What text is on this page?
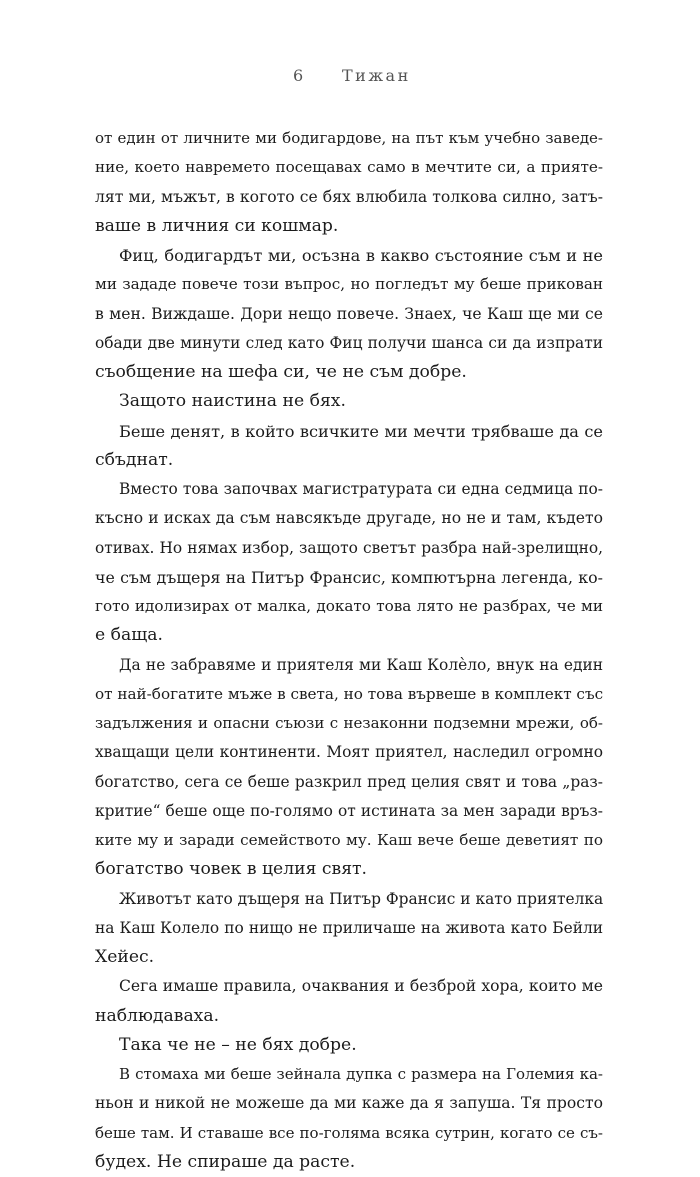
6 Тижан
от един от личните ми бодигардове, на път към учебно заведе-
ние, което навремето посещавах само в мечтите си, а прияте-
лят ми, мъжът, в когото се бях влюбила толкова силно, затъ-
ваше в личния си кошмар.
Фиц, бодигардът ми, осъзна в какво състояние съм и не
ми зададе повече този въпрос, но погледът му беше прикован
в мен. Виждаше. Дори нещо повече. Знаех, че Каш ще ми се
обади две минути след като Фиц получи шанса си да изпрати
съобщение на шефа си, че не съм добре.
Защото наистина не бях.
Беше денят, в който всичките ми мечти трябваше да се
сбъднат.
Вместо това започвах магистратурата си една седмица по-
късно и исках да съм навсякъде другаде, но не и там, където
отивах. Но нямах избор, защото светът разбра най-зрелищно,
че съм дъщеря на Питър Франсис, компютърна легенда, ко-
гото идолизирах от малка, докато това лято не разбрах, че ми
е баща.
Да не забравяме и приятеля ми Каш Колѐло, внук на един
от най-богатите мъже в света, но това вървеше в комплект със
задължения и опасни съюзи с незаконни подземни мрежи, об-
хващащи цели континенти. Моят приятел, наследил огромно
богатство, сега се беше разкрил пред целия свят и това „раз-
критие“ беше още по-голямо от истината за мен заради връз-
ките му и заради семейството му. Каш вече беше деветият по
богатство човек в целия свят.
Животът като дъщеря на Питър Франсис и като приятелка
на Каш Колело по нищо не приличаше на живота като Бейли
Хейес.
Сега имаше правила, очаквания и безброй хора, които ме
наблюдаваха.
Така че не – не бях добре.
В стомаха ми беше зейнала дупка с размера на Големия ка-
ньон и никой не можеше да ми каже да я запуша. Тя просто
беше там. И ставаше все по-голяма всяка сутрин, когато се съ-
будех. Не спираше да расте.
